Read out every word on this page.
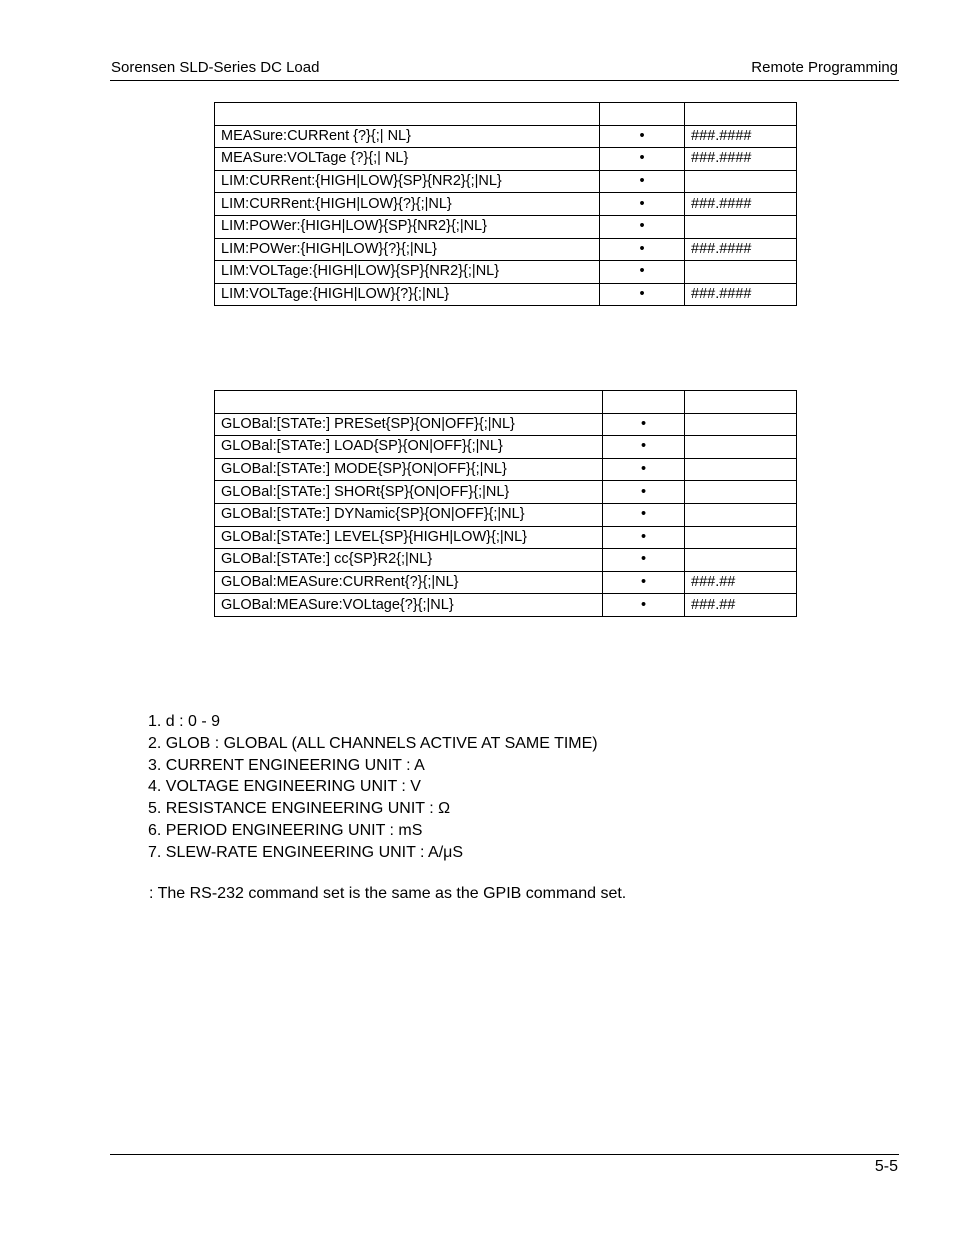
Sorensen SLD-Series DC Load	Remote Programming

MEASure:CURRent {?}{;| NL}	•	###.####
MEASure:VOLTage {?}{;| NL}	•	###.####
LIM:CURRent:{HIGH|LOW}{SP}{NR2}{;|NL}	•	
LIM:CURRent:{HIGH|LOW}{?}{;|NL}	•	###.####
LIM:POWer:{HIGH|LOW}{SP}{NR2}{;|NL}	•	
LIM:POWer:{HIGH|LOW}{?}{;|NL}	•	###.####
LIM:VOLTage:{HIGH|LOW}{SP}{NR2}{;|NL}	•	
LIM:VOLTage:{HIGH|LOW}{?}{;|NL}	•	###.####

GLOBal:[STATe:] PRESet{SP}{ON|OFF}{;|NL}	•	
GLOBal:[STATe:] LOAD{SP}{ON|OFF}{;|NL}	•	
GLOBal:[STATe:] MODE{SP}{ON|OFF}{;|NL}	•	
GLOBal:[STATe:] SHORt{SP}{ON|OFF}{;|NL}	•	
GLOBal:[STATe:] DYNamic{SP}{ON|OFF}{;|NL}	•	
GLOBal:[STATe:] LEVEL{SP}{HIGH|LOW}{;|NL}	•	
GLOBal:[STATe:] cc{SP}R2{;|NL}	•	
GLOBal:MEASure:CURRent{?}{;|NL}	•	###.##
GLOBal:MEASure:VOLtage{?}{;|NL}	•	###.##
1. d : 0 - 9
2. GLOB : GLOBAL (ALL CHANNELS ACTIVE AT SAME TIME)
3. CURRENT ENGINEERING UNIT : A
4. VOLTAGE ENGINEERING UNIT : V
5. RESISTANCE ENGINEERING UNIT : Ω
6. PERIOD ENGINEERING UNIT : mS
7. SLEW-RATE ENGINEERING UNIT : A/μS
: The RS-232 command set is the same as the GPIB command set.
5-5
